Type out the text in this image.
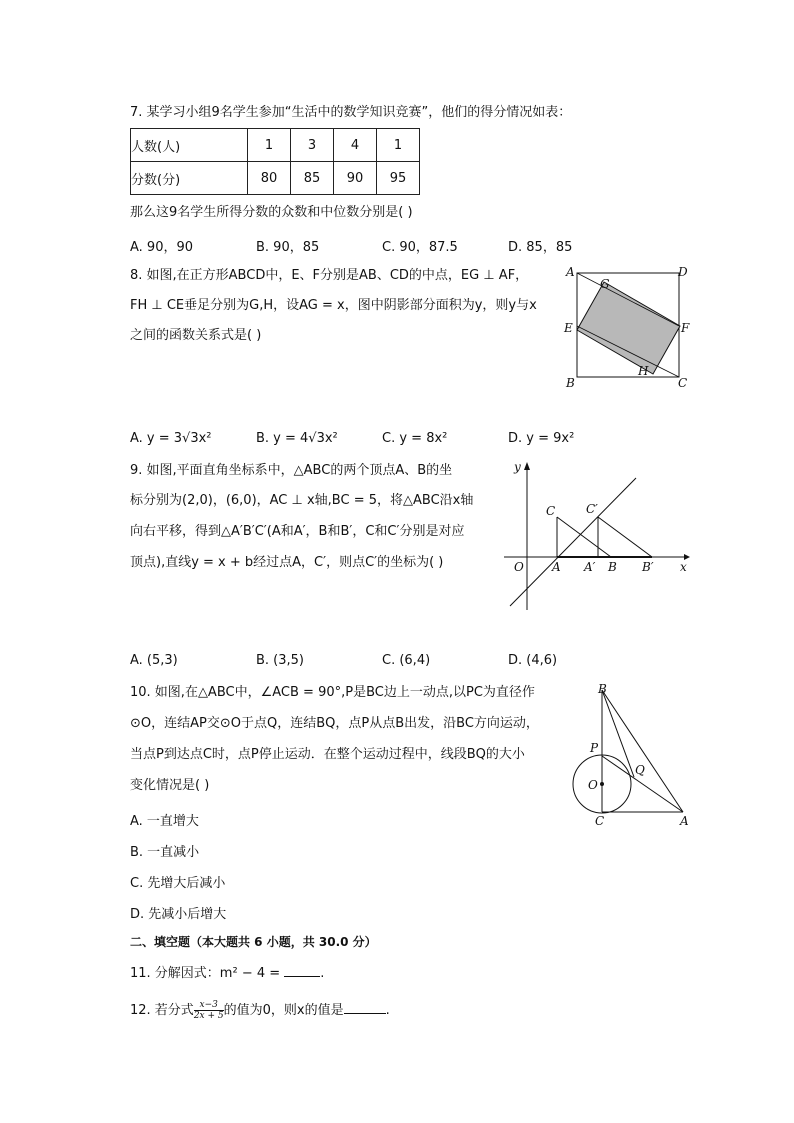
7. 某学习小组9名学生参加“生活中的数学知识竞赛”，他们的得分情况如表：
人数(人)	1	3	4	1
分数(分)	80	85	90	95
那么这9名学生所得分数的众数和中位数分别是( )
A. 90，90	B. 90，85	C. 90，87.5	D. 85，85
8. 如图,在正方形ABCD中，E、F分别是AB、CD的中点，EG ⊥ AF，
FH ⊥ CE垂足分别为G,H，设AG = x，图中阴影部分面积为y，则y与x
之间的函数关系式是( )
A	D
G
E	F
B
H
C
A. y = 3√3x²	B. y = 4√3x²	C. y = 8x²	D. y = 9x²
9. 如图,平面直角坐标系中，△ABC的两个顶点A、B的坐
标分别为(2,0)，(6,0)，AC ⊥ x轴,BC = 5，将△ABC沿x轴
向右平移，得到△A′B′C′(A和A′，B和B′，C和C′分别是对应
顶点),直线y = x + b经过点A，C′，则点C′的坐标为( )
y
C	C′
O A A′ B B′ x
A. (5,3)	B. (3,5)	C. (6,4)	D. (4,6)
10. 如图,在△ABC中，∠ACB = 90°,P是BC边上一动点,以PC为直径作
⊙O，连结AP交⊙O于点Q，连结BQ，点P从点B出发，沿BC方向运动，
当点P到达点C时，点P停止运动．在整个运动过程中，线段BQ的大小
变化情况是( )
B
P
O
Q
C	A
A. 一直增大
B. 一直减小
C. 先增大后减小
D. 先减小后增大
二、填空题（本大题共 6 小题，共 30.0 分）
11. 分解因式：m² − 4 =	.
12. 若分式 $\frac{x-3}{2x + 5}$ 的值为0，则x的值是	.
